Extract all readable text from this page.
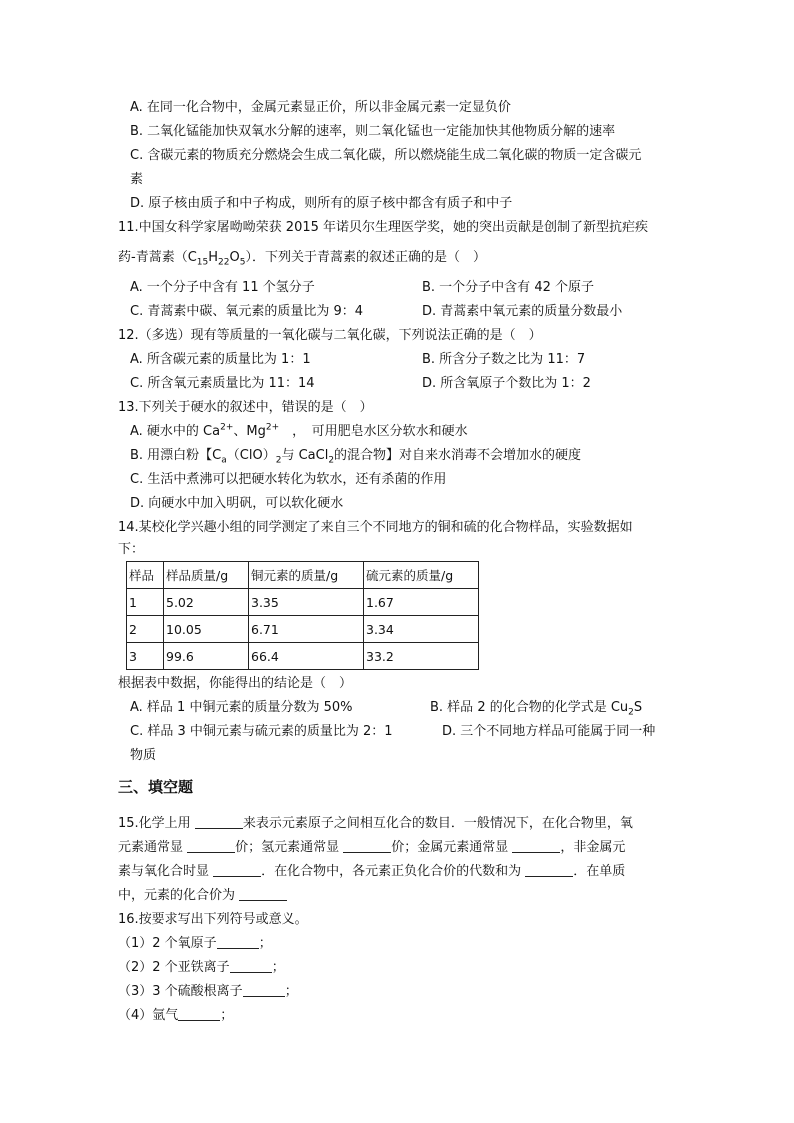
A. 在同一化合物中，金属元素显正价，所以非金属元素一定显负价
B. 二氧化锰能加快双氧水分解的速率，则二氧化锰也一定能加快其他物质分解的速率
C. 含碳元素的物质充分燃烧会生成二氧化碳，所以燃烧能生成二氧化碳的物质一定含碳元
素
D. 原子核由质子和中子构成，则所有的原子核中都含有质子和中子
11.中国女科学家屠呦呦荣获 2015 年诺贝尔生理医学奖，她的突出贡献是创制了新型抗疟疾
药-青蒿素$(C_{15}H_{22}O_5)$．下列关于青蒿素的叙述正确的是（　）
A. 一个分子中含有 11 个氢分子	B. 一个分子中含有 42 个原子
C. 青蒿素中碳、氧元素的质量比为 9：4	D. 青蒿素中氧元素的质量分数最小
12.（多选）现有等质量的一氧化碳与二氧化碳，下列说法正确的是（　）
A. 所含碳元素的质量比为 1：1	B. 所含分子数之比为 11：7
C. 所含氧元素质量比为 11：14	D. 所含氧原子个数比为 1：2
13.下列关于硬水的叙述中，错误的是（　）
A. 硬水中的 $Ca^{2+}$、$Mg^{2+}$　，　可用肥皂水区分软水和硬水
B. 用漂白粉【$C_a(ClO)_2$与 CaCl$_2$的混合物】对自来水消毒不会增加水的硬度
C. 生活中煮沸可以把硬水转化为软水，还有杀菌的作用
D. 向硬水中加入明矾，可以软化硬水
14.某校化学兴趣小组的同学测定了来自三个不同地方的铜和硫的化合物样品，实验数据如
下：
样品	样品质量/g	铜元素的质量/g	硫元素的质量/g
1	5.02	3.35	1.67
2	10.05	6.71	3.34
3	99.6	66.4	33.2
根据表中数据，你能得出的结论是（　）
A. 样品 1 中铜元素的质量分数为 50%	B. 样品 2 的化合物的化学式是 $Cu_2S$
C. 样品 3 中铜元素与硫元素的质量比为 2：1	D. 三个不同地方样品可能属于同一种
物质
三、填空题
15.化学上用	来表示元素原子之间相互化合的数目．一般情况下，在化合物里，氧
元素通常显	价；氢元素通常显	价；金属元素通常显	，非金属元
素与氧化合时显	．在化合物中，各元素正负化合价的代数和为	．在单质
中，元素的化合价为
16.按要求写出下列符号或意义。
（1）2 个氧原子	；
（2）2 个亚铁离子	；
（3）3 个硫酸根离子	；
（4）氩气	；
